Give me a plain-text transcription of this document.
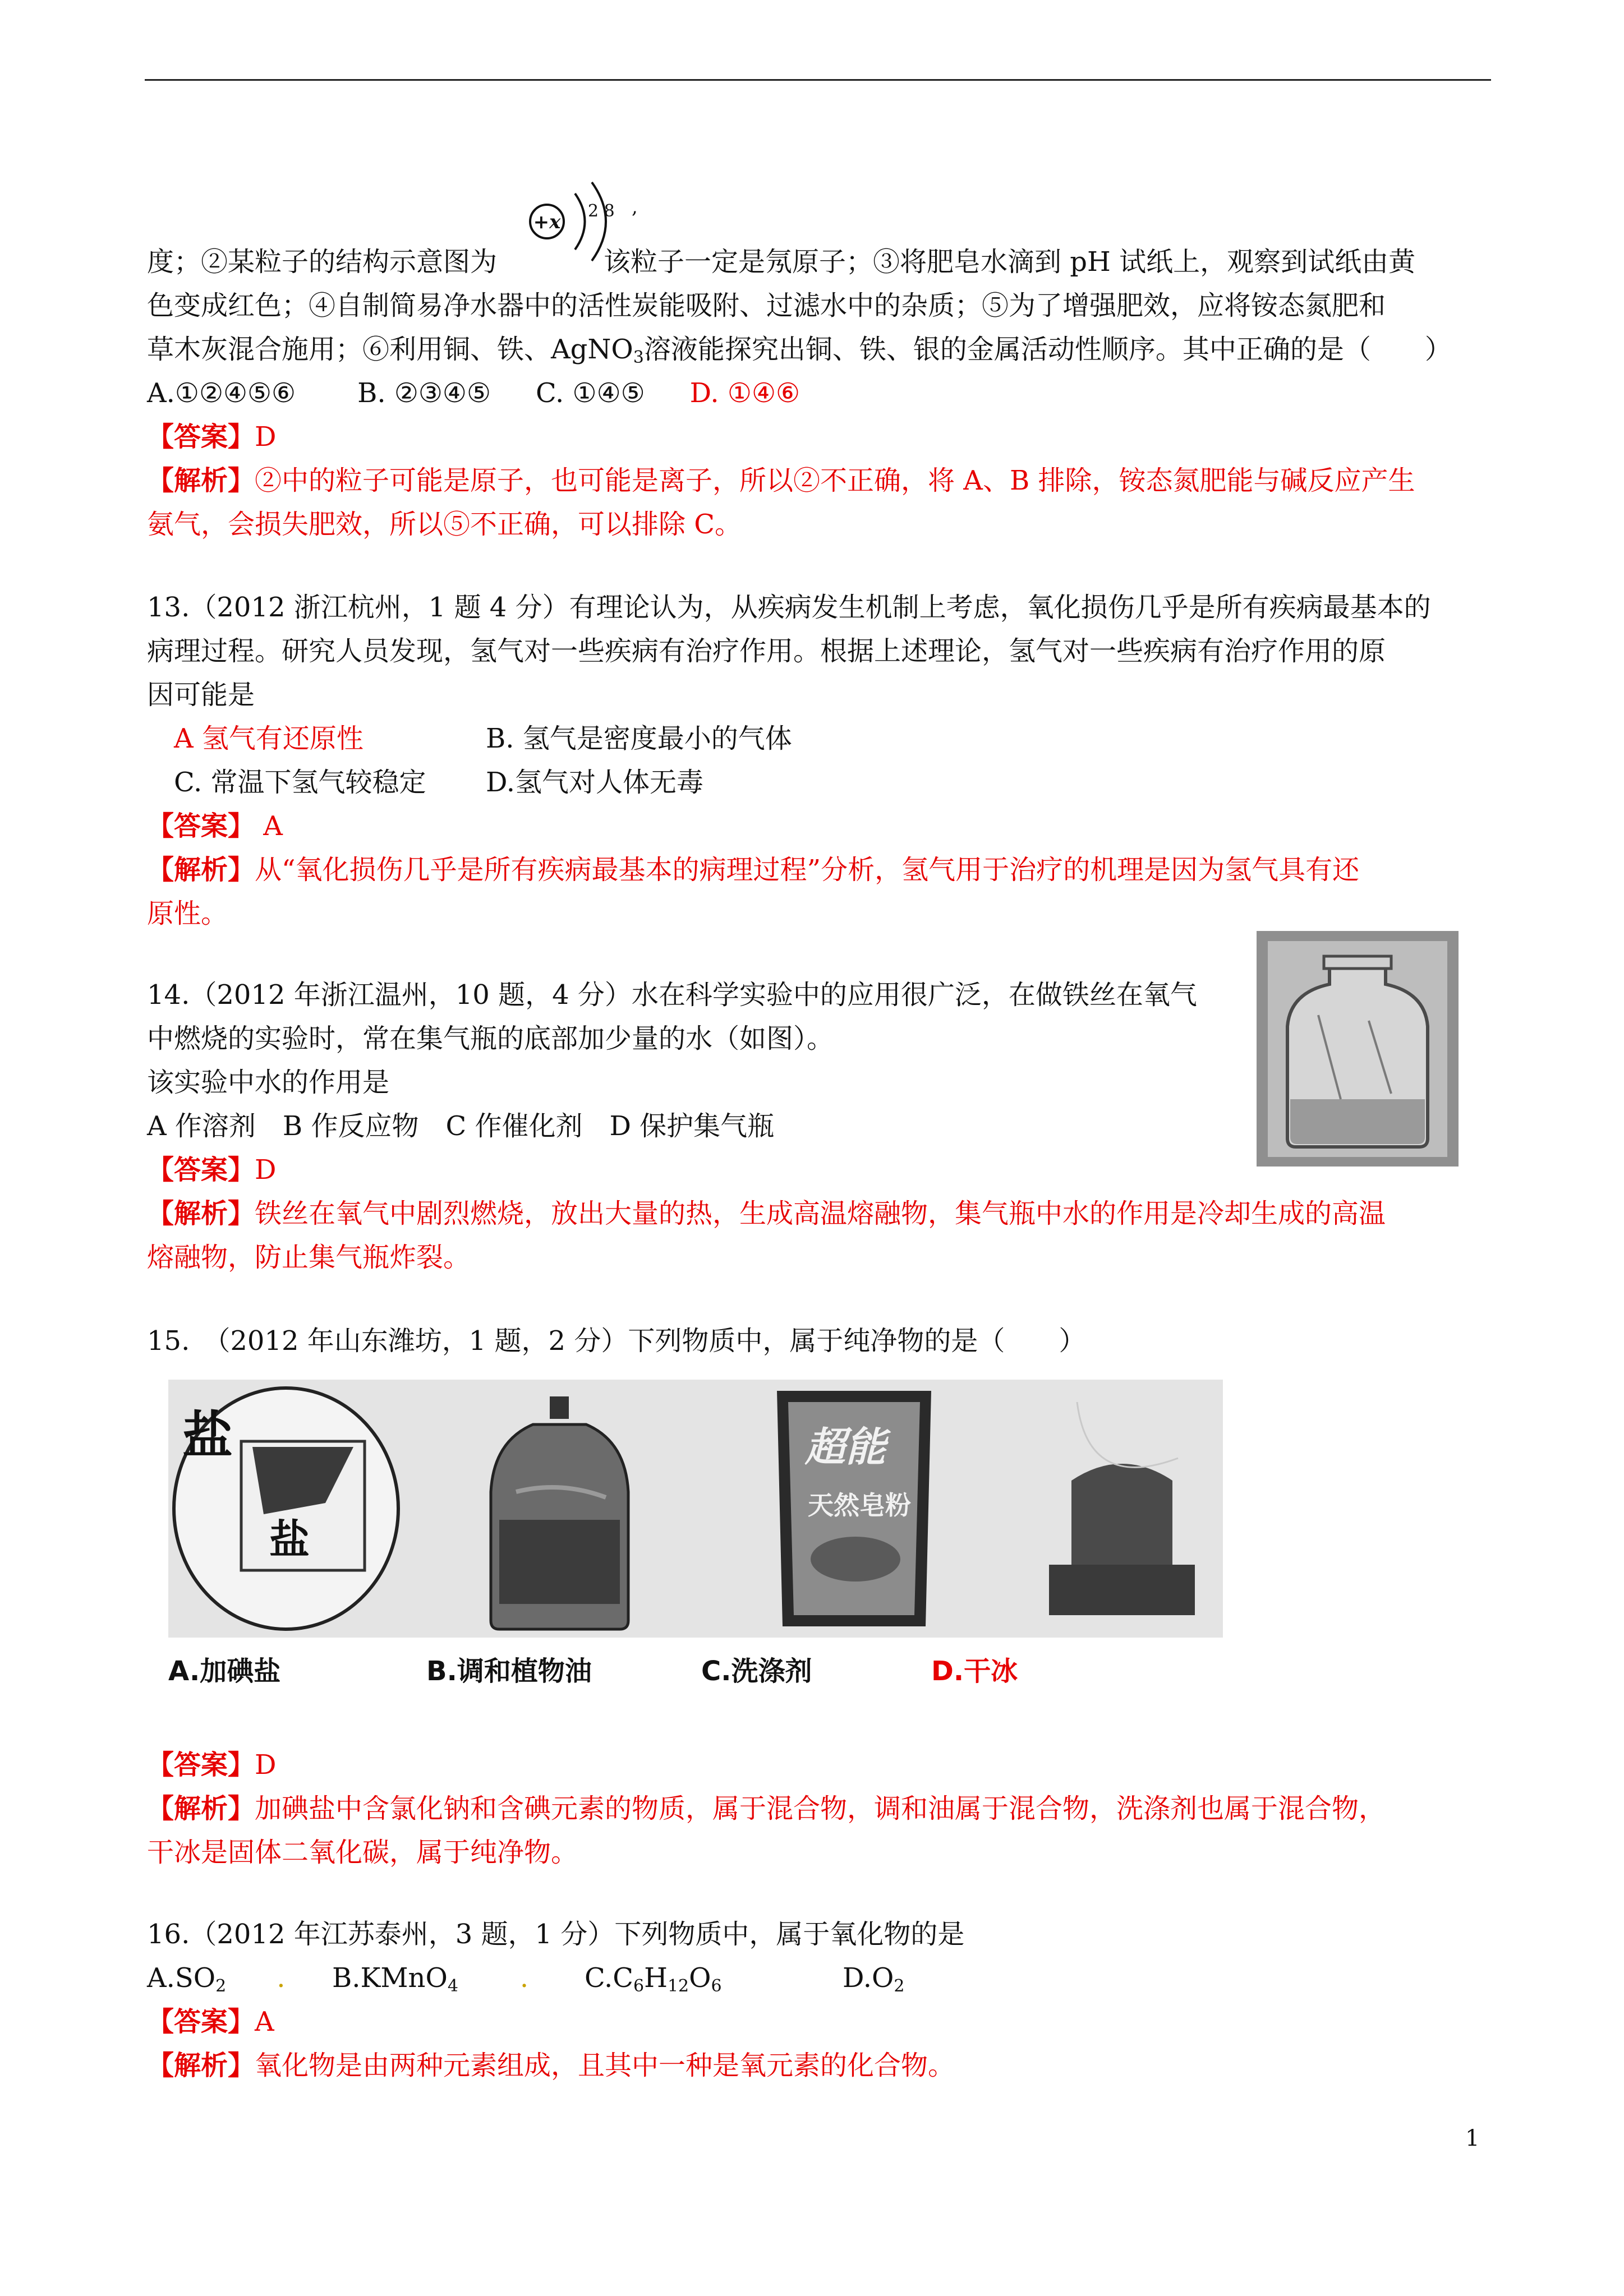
+x 2 8 ,

度；②某粒子的结构示意图为	该粒子一定是氖原子；③将肥皂水滴到 pH 试纸上，观察到试纸由黄

色变成红色；④自制简易净水器中的活性炭能吸附、过滤水中的杂质；⑤为了增强肥效，应将铵态氮肥和

草木灰混合施用；⑥利用铜、铁、AgNO$_3$溶液能探究出铜、铁、银的金属活动性顺序。其中正确的是（　　）

A.①②④⑤⑥ B. ②③④⑤ C. ①④⑤ D. ①④⑥

【答案】D

【解析】②中的粒子可能是原子，也可能是离子，所以②不正确，将 A、B 排除，铵态氮肥能与碱反应产生

氨气，会损失肥效，所以⑤不正确，可以排除 C。

13.（2012 浙江杭州，1 题 4 分）有理论认为，从疾病发生机制上考虑，氧化损伤几乎是所有疾病最基本的

病理过程。研究人员发现，氢气对一些疾病有治疗作用。根据上述理论，氢气对一些疾病有治疗作用的原

因可能是

A 氢气有还原性	B. 氢气是密度最小的气体

C. 常温下氢气较稳定 D.氢气对人体无毒

【答案】 A

【解析】从“氧化损伤几乎是所有疾病最基本的病理过程”分析，氢气用于治疗的机理是因为氢气具有还

原性。

14.（2012 年浙江温州，10 题，4 分）水在科学实验中的应用很广泛，在做铁丝在氧气

中燃烧的实验时，常在集气瓶的底部加少量的水（如图）。

该实验中水的作用是

A 作溶剂　B 作反应物　C 作催化剂　D 保护集气瓶

【答案】D

【解析】铁丝在氧气中剧烈燃烧，放出大量的热，生成高温熔融物，集气瓶中水的作用是冷却生成的高温

熔融物，防止集气瓶炸裂。

15.　（2012 年山东潍坊，1 题，2 分）下列物质中，属于纯净物的是（　　）

盐
盐
超能
天然皂粉
A.加碘盐	B.调和植物油	C.洗涤剂	D.干冰

【答案】D

【解析】加碘盐中含氯化钠和含碘元素的物质，属于混合物，调和油属于混合物，洗涤剂也属于混合物，

干冰是固体二氧化碳，属于纯净物。

16.（2012 年江苏泰州，3 题，1 分）下列物质中，属于氧化物的是

$A.SO_2$ . B.KMnO$_4$ . $C.C_6H_{12}O_6$	$D.O_2$

【答案】A

【解析】氧化物是由两种元素组成，且其中一种是氧元素的化合物。

1
